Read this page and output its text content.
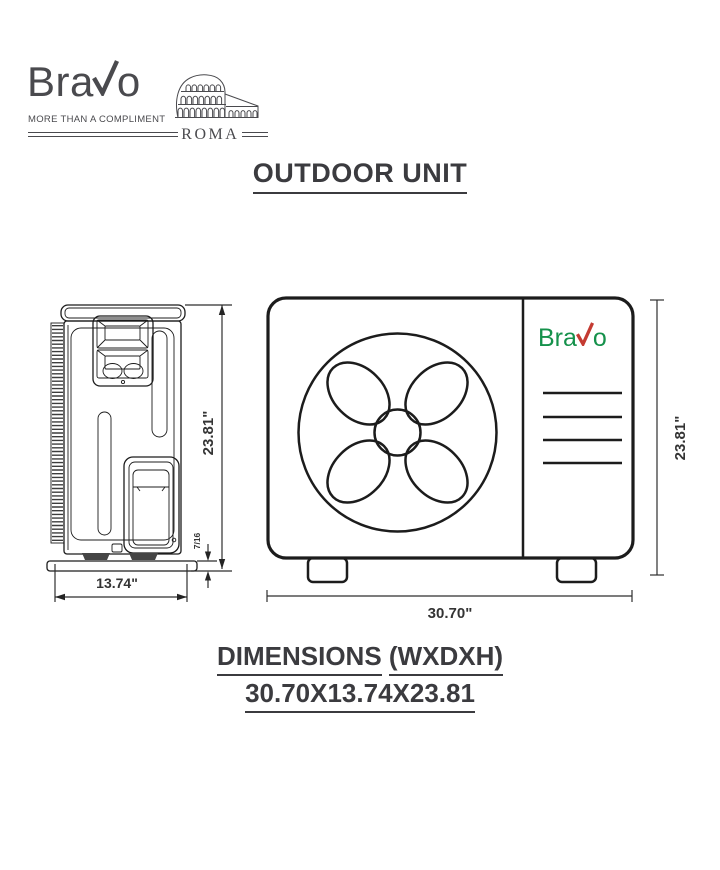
Bra o
MORE THAN A COMPLIMENT
ROMA
OUTDOOR UNIT
13.74"
23.81"
7/16
30.70"
23.81"
Bra o
DIMENSIONS (WXDXH)
30.70X13.74X23.81
